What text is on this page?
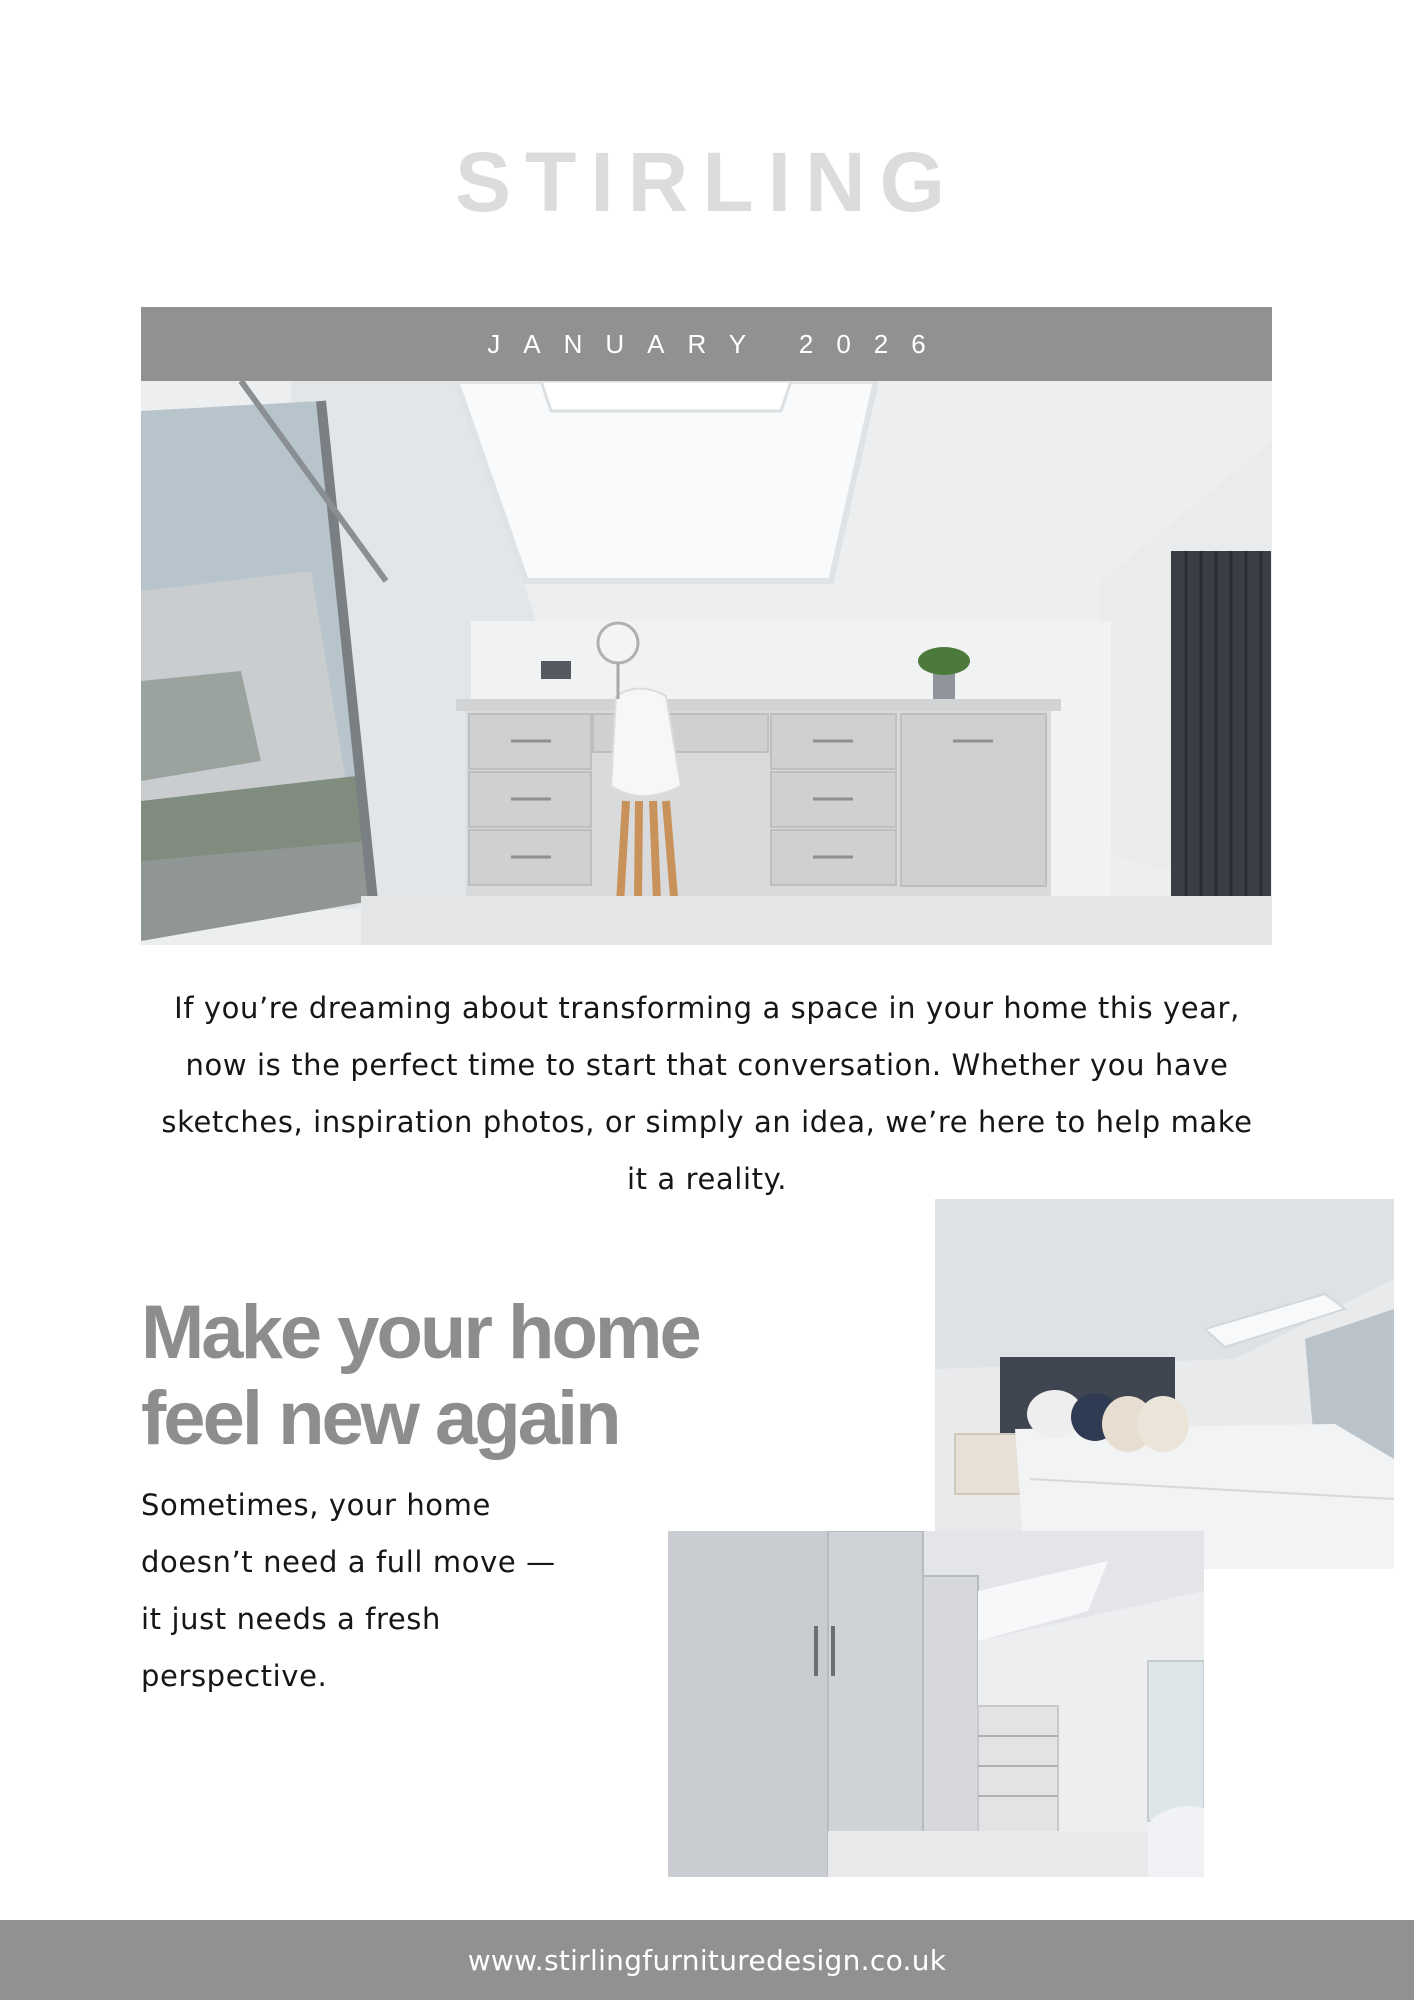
STIRLING
JANUARY 2026
If you’re dreaming about transforming a space in your home this year, now is the perfect time to start that conversation. Whether you have sketches, inspiration photos, or simply an idea, we’re here to help make it a reality.
Make your home feel new again
Sometimes, your home
doesn’t need a full move —
it just needs a fresh
perspective.
www.stirlingfurnituredesign.co.uk
